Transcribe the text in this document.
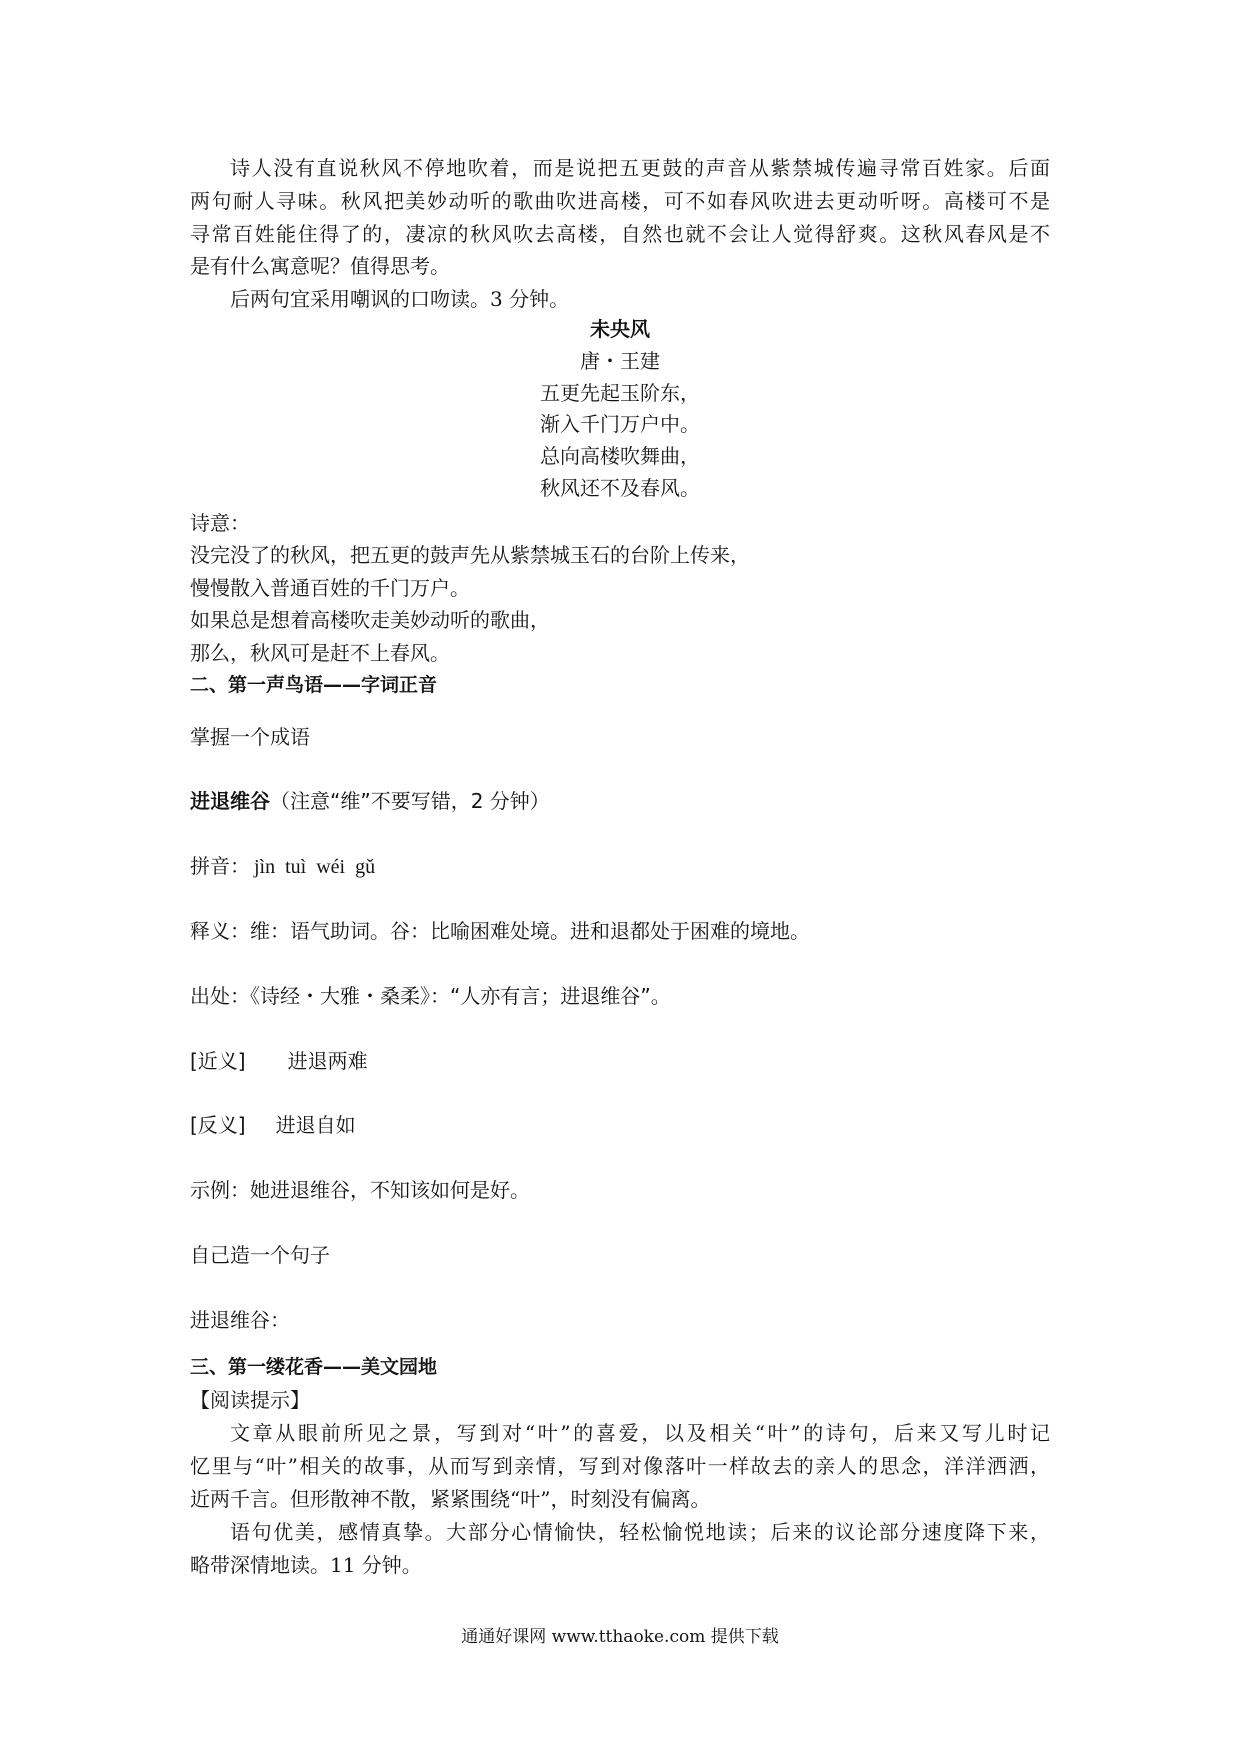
诗人没有直说秋风不停地吹着，而是说把五更鼓的声音从紫禁城传遍寻常百姓家。后面
两句耐人寻味。秋风把美妙动听的歌曲吹进高楼，可不如春风吹进去更动听呀。高楼可不是
寻常百姓能住得了的，凄凉的秋风吹去高楼，自然也就不会让人觉得舒爽。这秋风春风是不
是有什么寓意呢？值得思考。
后两句宜采用嘲讽的口吻读。3 分钟。
未央风
唐・王建
五更先起玉阶东，
渐入千门万户中。
总向高楼吹舞曲，
秋风还不及春风。
诗意：
没完没了的秋风，把五更的鼓声先从紫禁城玉石的台阶上传来，
慢慢散入普通百姓的千门万户。
如果总是想着高楼吹走美妙动听的歌曲，
那么，秋风可是赶不上春风。
二、第一声鸟语——字词正音
掌握一个成语
进退维谷（注意“维”不要写错，2 分钟）
拼音： jìn  tuì  wéi  gǔ
释义：维：语气助词。谷：比喻困难处境。进和退都处于困难的境地。
出处：《诗经・大雅・桑柔》：“人亦有言；进退维谷”。
[近义] 进退两难
[反义] 进退自如
示例：她进退维谷，不知该如何是好。
自己造一个句子
进退维谷：
三、第一缕花香——美文园地
【阅读提示】
文章从眼前所见之景，写到对“叶”的喜爱，以及相关“叶”的诗句，后来又写儿时记
忆里与“叶”相关的故事，从而写到亲情，写到对像落叶一样故去的亲人的思念，洋洋洒洒，
近两千言。但形散神不散，紧紧围绕“叶”，时刻没有偏离。
语句优美，感情真挚。大部分心情愉快，轻松愉悦地读；后来的议论部分速度降下来，
略带深情地读。11 分钟。
通通好课网 www.tthaoke.com 提供下载
